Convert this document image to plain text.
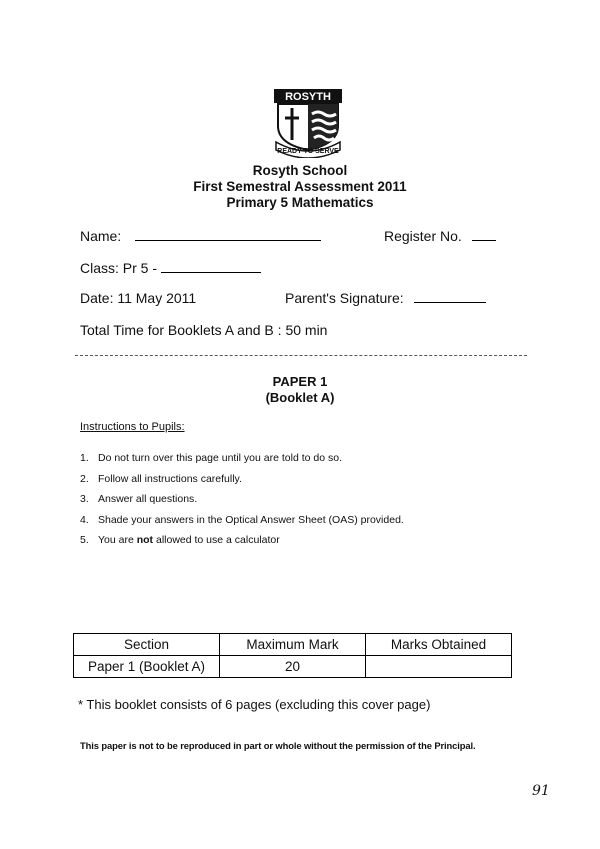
ROSYTH
READY TO SERVE
Rosyth School
First Semestral Assessment 2011
Primary 5 Mathematics
Name:	Register No.
Class: Pr 5 -
Date: 11 May 2011	Parent's Signature:
Total Time for Booklets A and B : 50 min
PAPER 1
(Booklet A)
Instructions to Pupils:
1. Do not turn over this page until you are told to do so.
2. Follow all instructions carefully.
3. Answer all questions.
4. Shade your answers in the Optical Answer Sheet (OAS) provided.
5. You are not allowed to use a calculator
Section	Maximum Mark	Marks Obtained
Paper 1 (Booklet A)	20	
* This booklet consists of 6 pages (excluding this cover page)
This paper is not to be reproduced in part or whole without the permission of the Principal.
91
